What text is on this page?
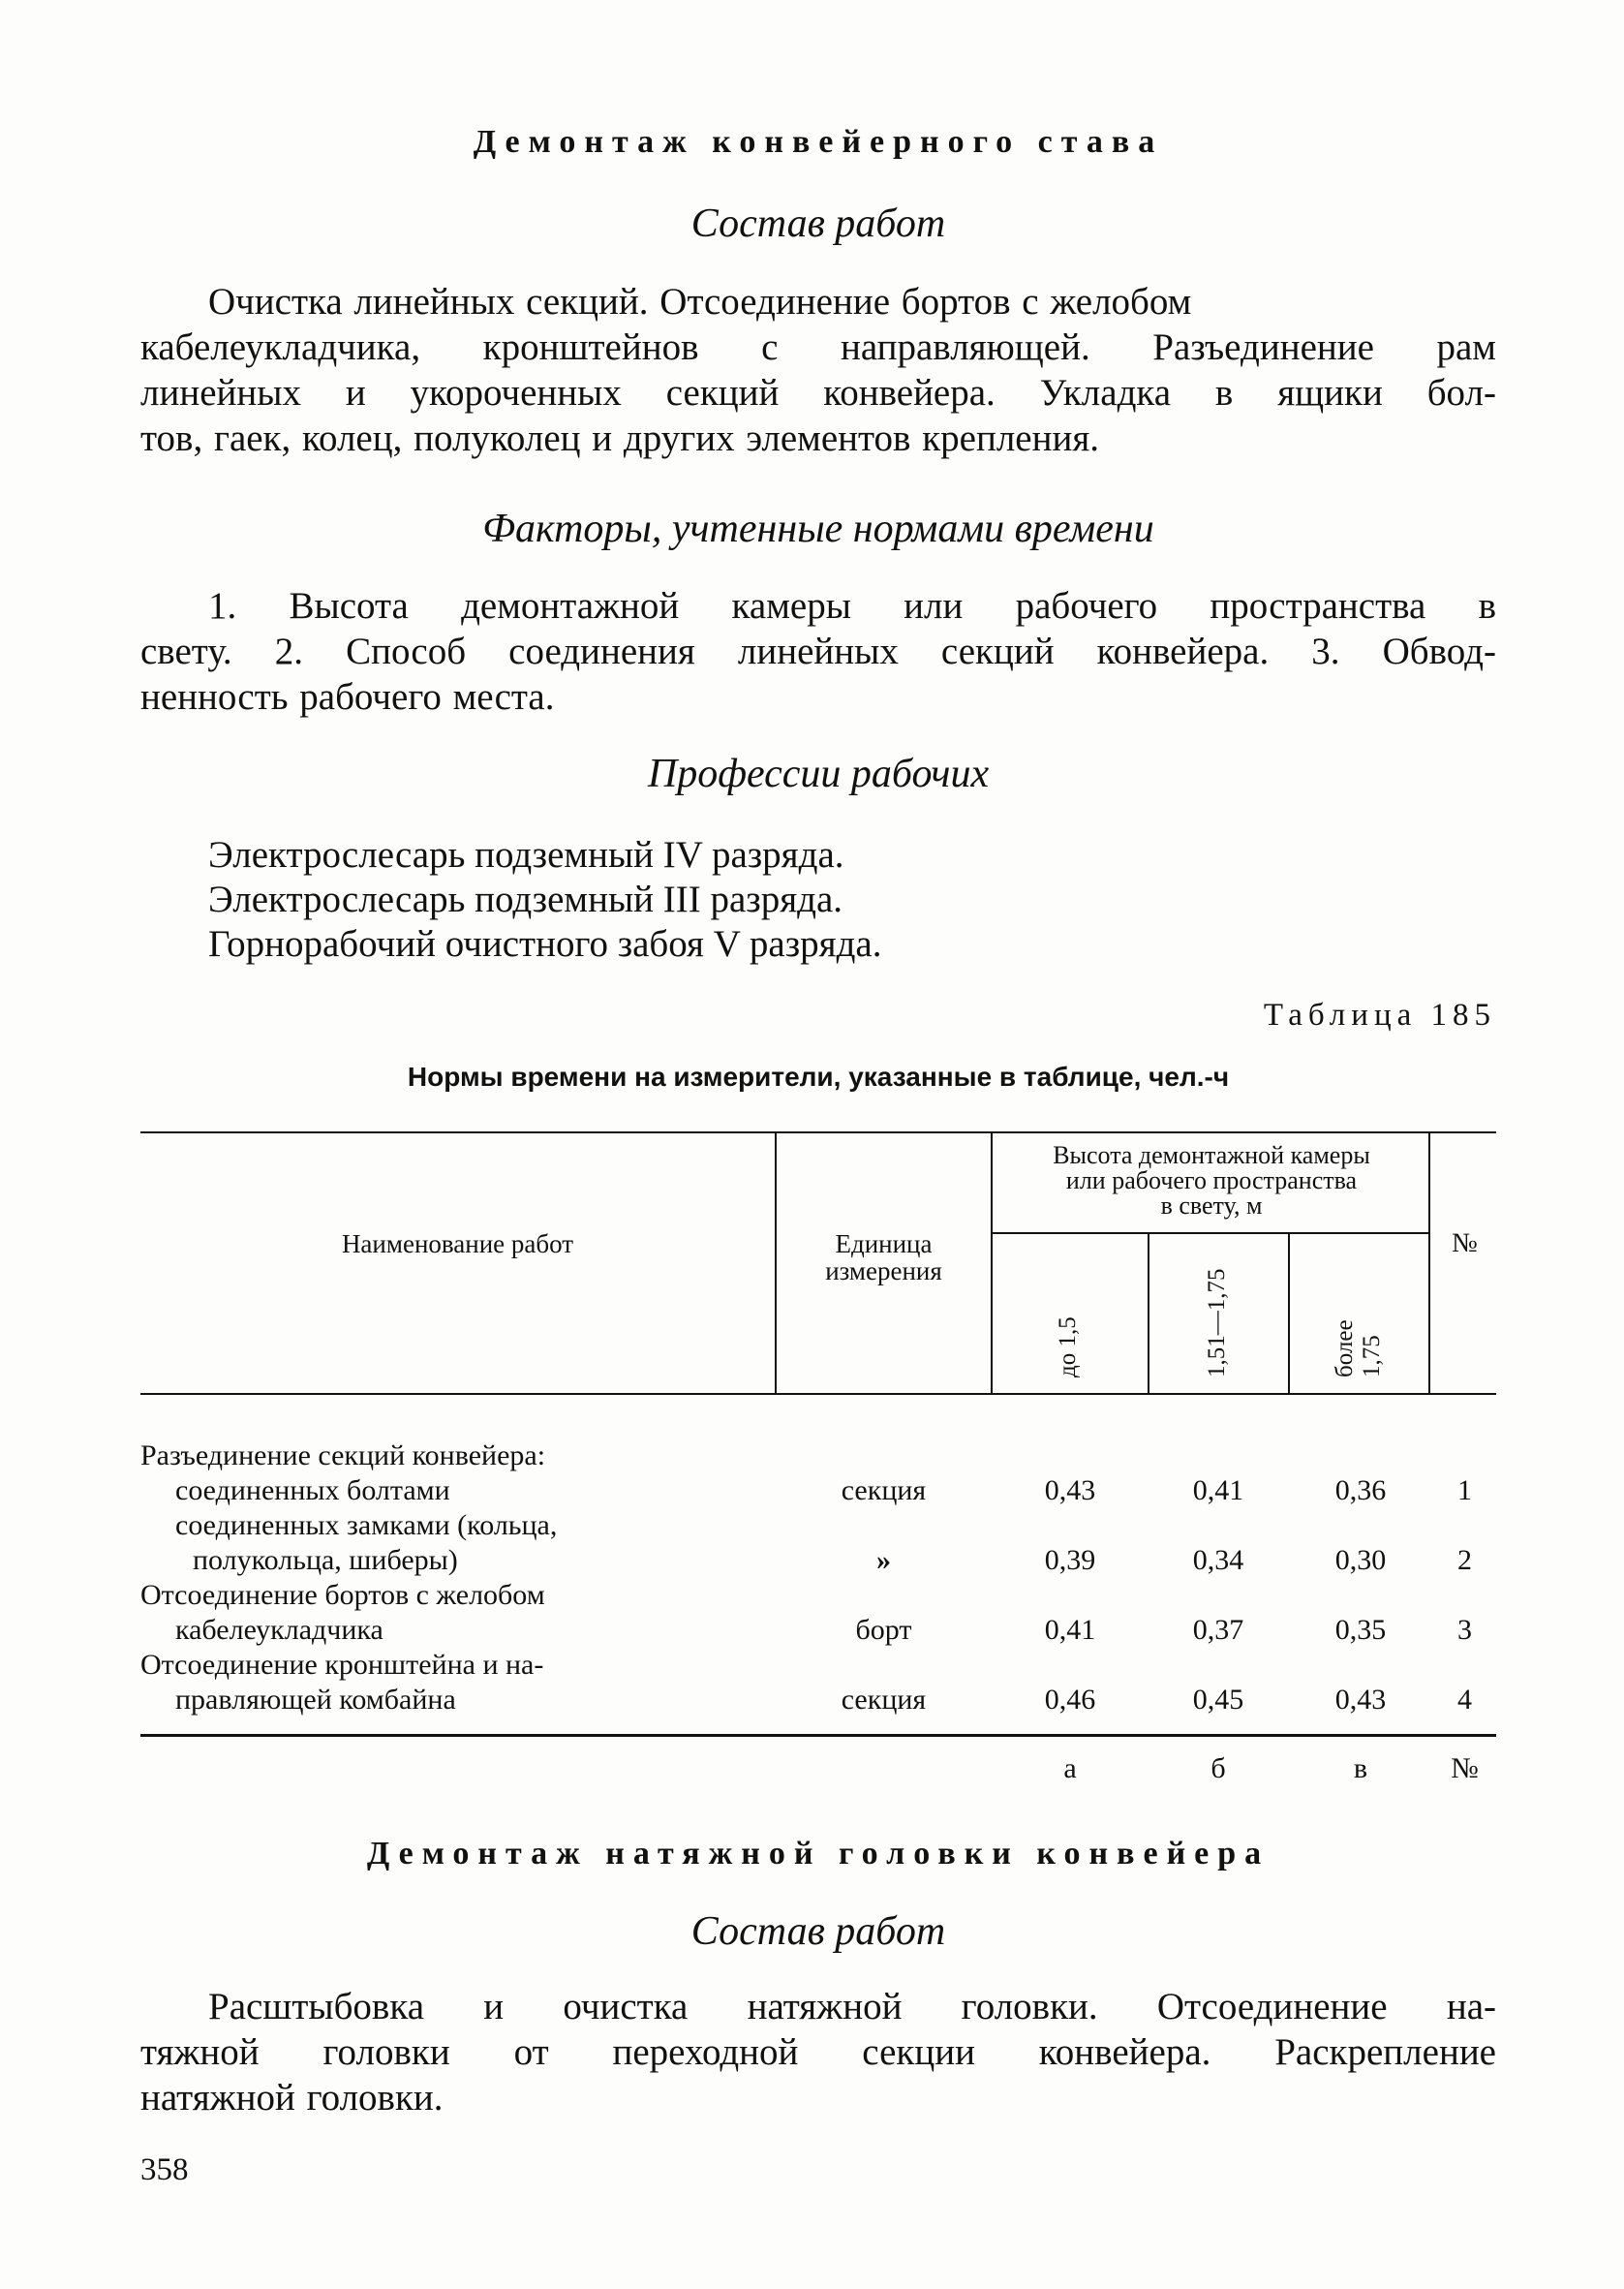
Демонтаж конвейерного става
Состав работ
Очистка линейных секций. Отсоединение бортов с желобом
кабелеукладчика, кронштейнов с направляющей. Разъединение рам
линейных и укороченных секций конвейера. Укладка в ящики бол-
тов, гаек, колец, полуколец и других элементов крепления.
Факторы, учтенные нормами времени
1. Высота демонтажной камеры или рабочего пространства в
свету. 2. Способ соединения линейных секций конвейера. 3. Обвод-
ненность рабочего места.
Профессии рабочих
Электрослесарь подземный IV разряда.
Электрослесарь подземный III разряда.
Горнорабочий очистного забоя V разряда.
Таблица 185
Нормы времени на измерители, указанные в таблице, чел.-ч
Наименование работ	Единица измерения
Высота демонтажной камеры
или рабочего пространства
в свету, м
№
до 1,5	1,51—1,75	более 1,75
Разъединение секций конвейера:
соединенных болтами	секция	0,43	0,41	0,36	1
соединенных замками (кольца,
полукольца, шиберы)	»	0,39	0,34	0,30	2
Отсоединение бортов с желобом
кабелеукладчика	борт	0,41	0,37	0,35	3
Отсоединение кронштейна и на-
правляющей комбайна	секция	0,46	0,45	0,43	4
а	б	в	№
Демонтаж натяжной головки конвейера
Состав работ
Расштыбовка и очистка натяжной головки. Отсоединение на-
тяжной головки от переходной секции конвейера. Раскрепление
натяжной головки.
358
